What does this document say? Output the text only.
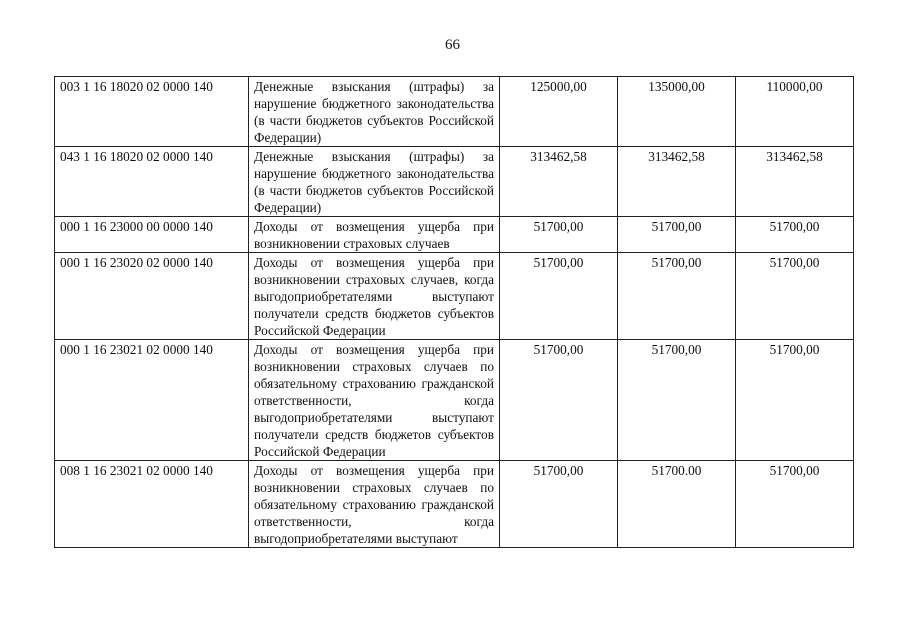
66
003 1 16 18020 02 0000 140	Денежные взыскания (штрафы) за нарушение бюджетного законодательства (в части бюджетов субъектов Российской Федерации)	125000,00	135000,00	110000,00
043 1 16 18020 02 0000 140	Денежные взыскания (штрафы) за нарушение бюджетного законодательства (в части бюджетов субъектов Российской Федерации)	313462,58	313462,58	313462,58
000 1 16 23000 00 0000 140	Доходы от возмещения ущерба при возникновении страховых случаев	51700,00	51700,00	51700,00
000 1 16 23020 02 0000 140	Доходы от возмещения ущерба при возникновении страховых случаев, когда выгодоприобретателями выступают получатели средств бюджетов субъектов Российской Федерации	51700,00	51700,00	51700,00
000 1 16 23021 02 0000 140	Доходы от возмещения ущерба при возникновении страховых случаев по обязательному страхованию гражданской ответственности, когда выгодоприобретателями выступают получатели средств бюджетов субъектов Российской Федерации	51700,00	51700,00	51700,00
008 1 16 23021 02 0000 140	Доходы от возмещения ущерба при возникновении страховых случаев по обязательному страхованию гражданской ответственности, когда выгодоприобретателями выступают	51700,00	51700.00	51700,00
